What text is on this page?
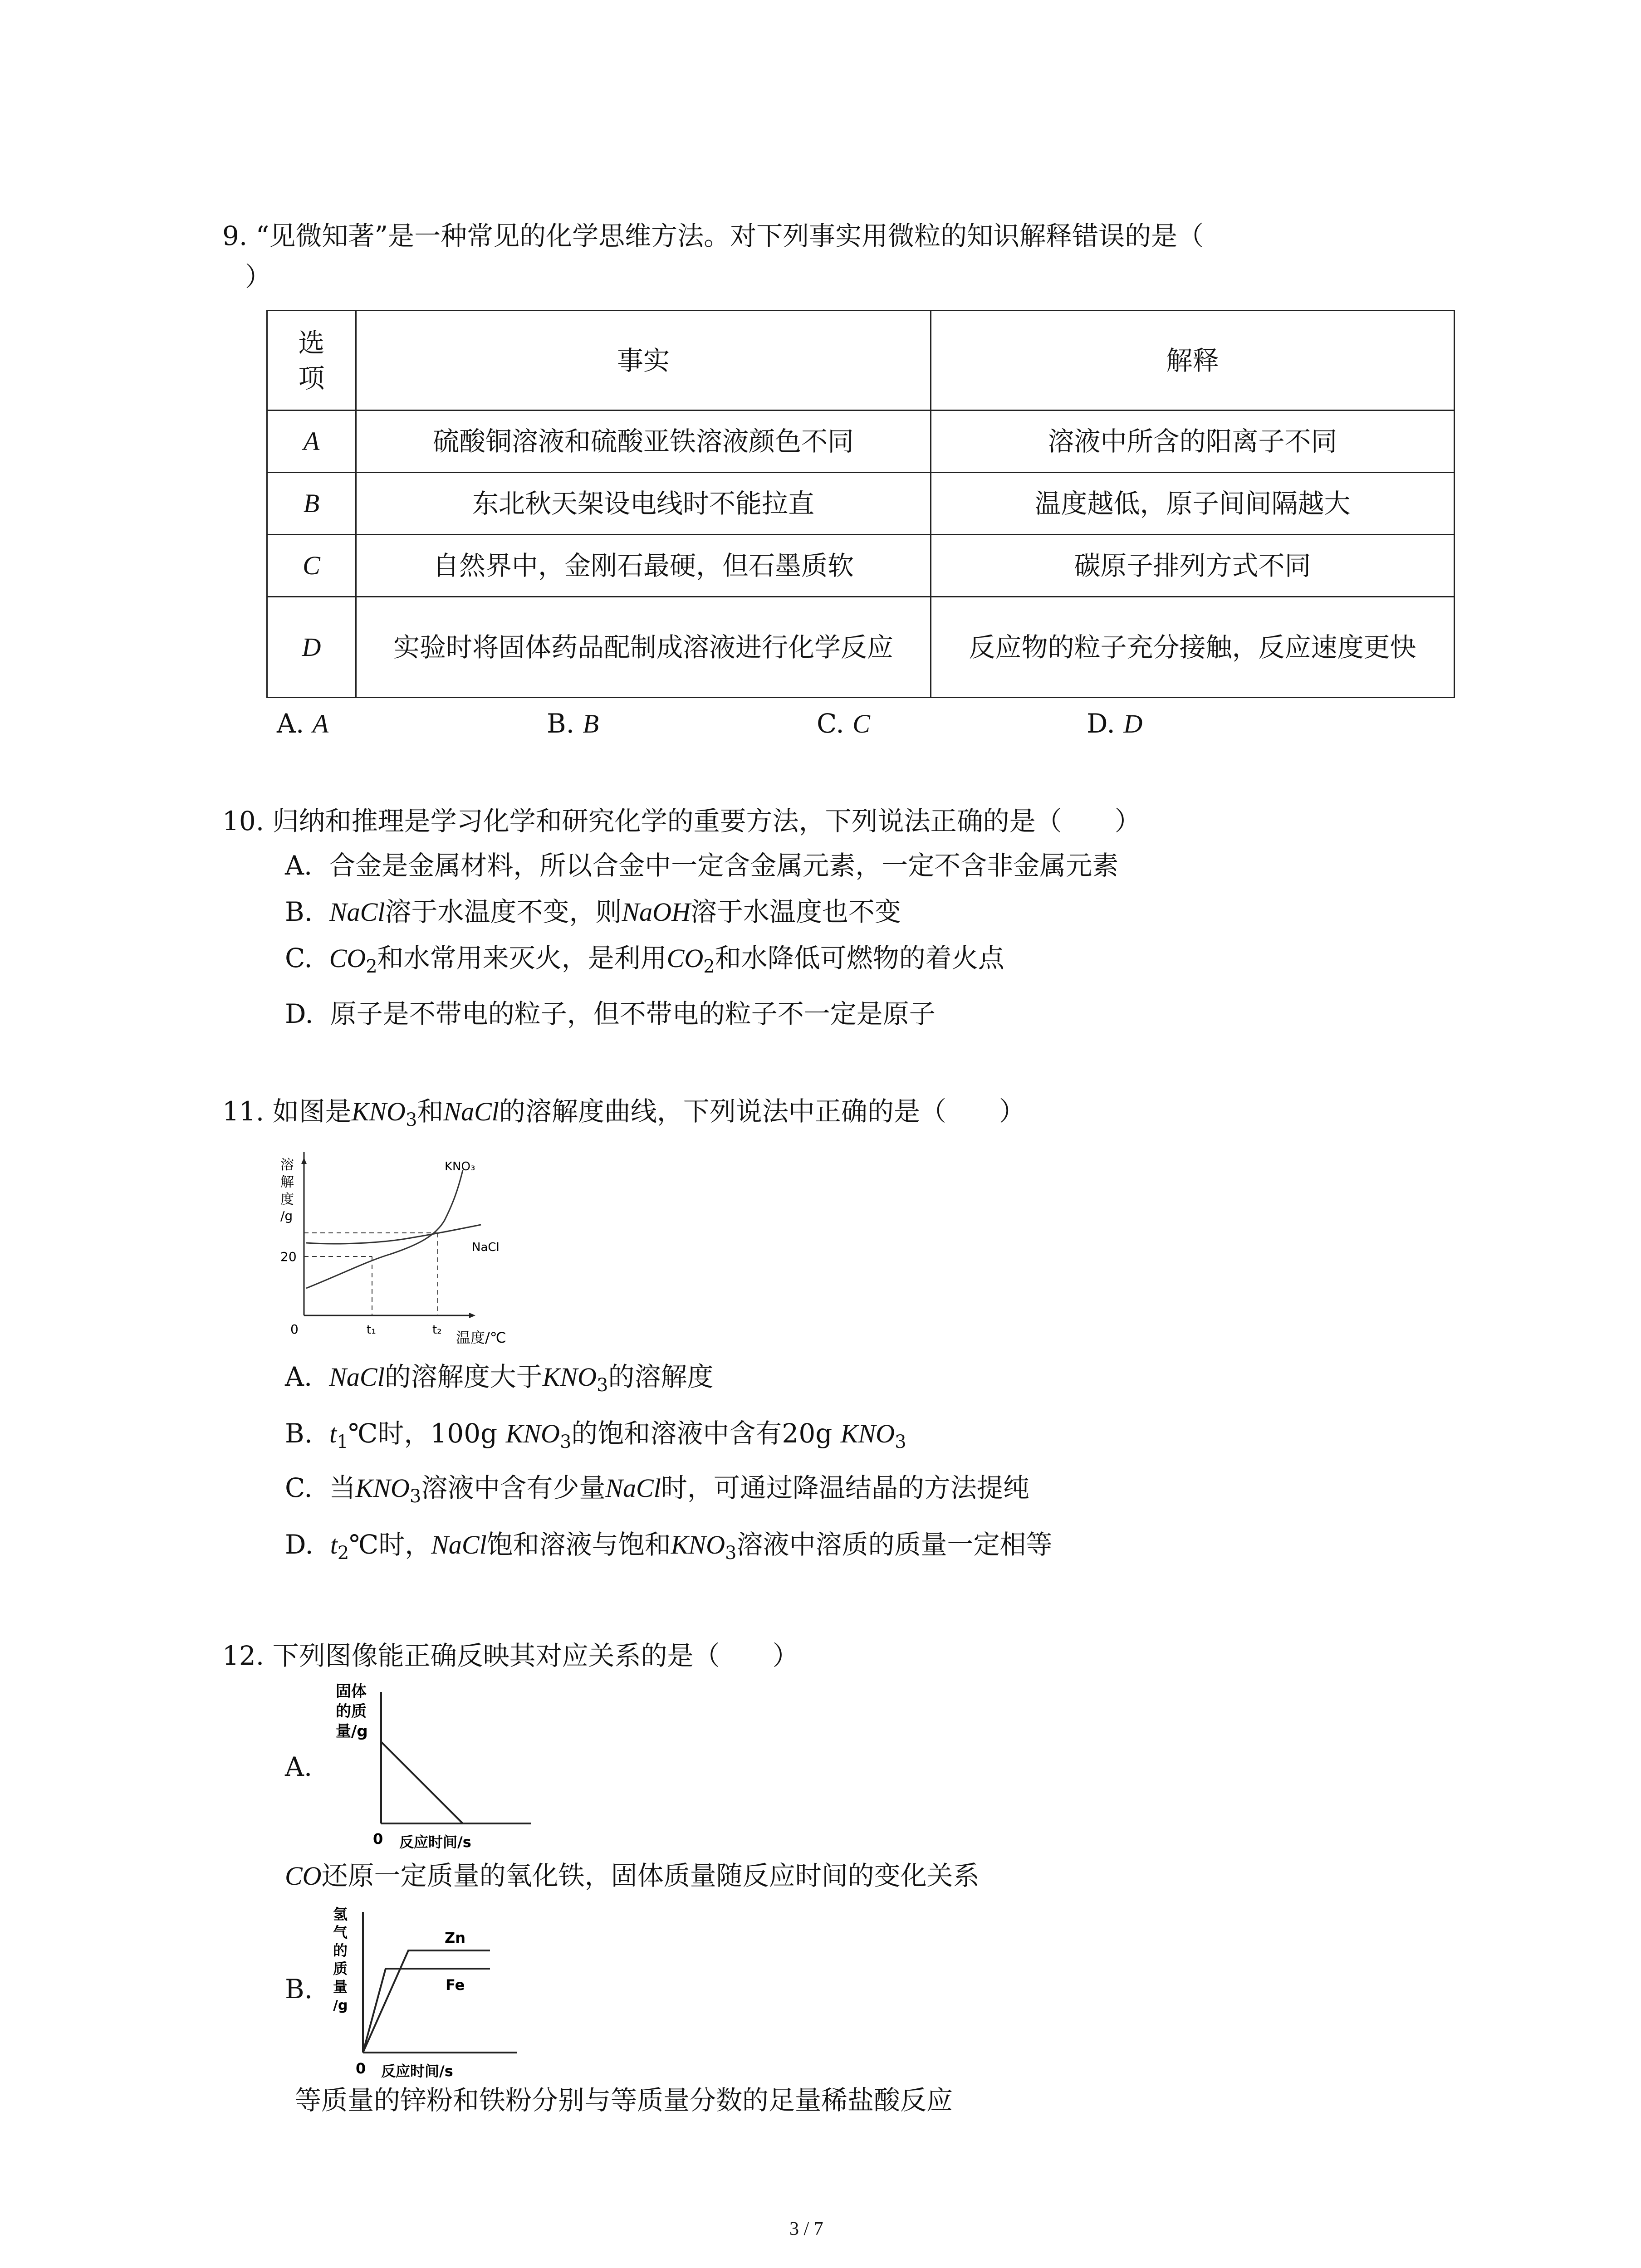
9. “见微知著”是一种常见的化学思维方法。对下列事实用微粒的知识解释错误的是（
）
选项	事实	解释
A	硫酸铜溶液和硫酸亚铁溶液颜色不同	溶液中所含的阳离子不同
B	东北秋天架设电线时不能拉直	温度越低，原子间间隔越大
C	自然界中，金刚石最硬，但石墨质软	碳原子排列方式不同
D	实验时将固体药品配制成溶液进行化学反应	反应物的粒子充分接触，反应速度更快
A. A	B. B	C. C	D. D
10. 归纳和推理是学习化学和研究化学的重要方法，下列说法正确的是（　　）
A. 合金是金属材料，所以合金中一定含金属元素，一定不含非金属元素
B. NaCl溶于水温度不变，则NaOH溶于水温度也不变
C. $CO_2$和水常用来灭火，是利用$CO_2$和水降低可燃物的着火点
D. 原子是不带电的粒子，但不带电的粒子不一定是原子
11. 如图是$KNO_3$和NaCl的溶解度曲线，下列说法中正确的是（　　）
溶
解
度
/g
20
KNO₃
NaCl
0	t₁	t₂ 温度/℃
A. NaCl的溶解度大于$KNO_3$的溶解度
B. $t_1℃$时，100g $KNO_3$的饱和溶液中含有20g $KNO_3$
C. 当$KNO_3$溶液中含有少量NaCl时，可通过降温结晶的方法提纯
D. $t_2℃$时，NaCl饱和溶液与饱和$KNO_3$溶液中溶质的质量一定相等
12. 下列图像能正确反映其对应关系的是（　　）
A.
固体
的质
量/g
0 反应时间/s
CO还原一定质量的氧化铁，固体质量随反应时间的变化关系
B.
氢
气
的
质
量
/g
Zn
Fe
0 反应时间/s
等质量的锌粉和铁粉分别与等质量分数的足量稀盐酸反应
3 / 7
